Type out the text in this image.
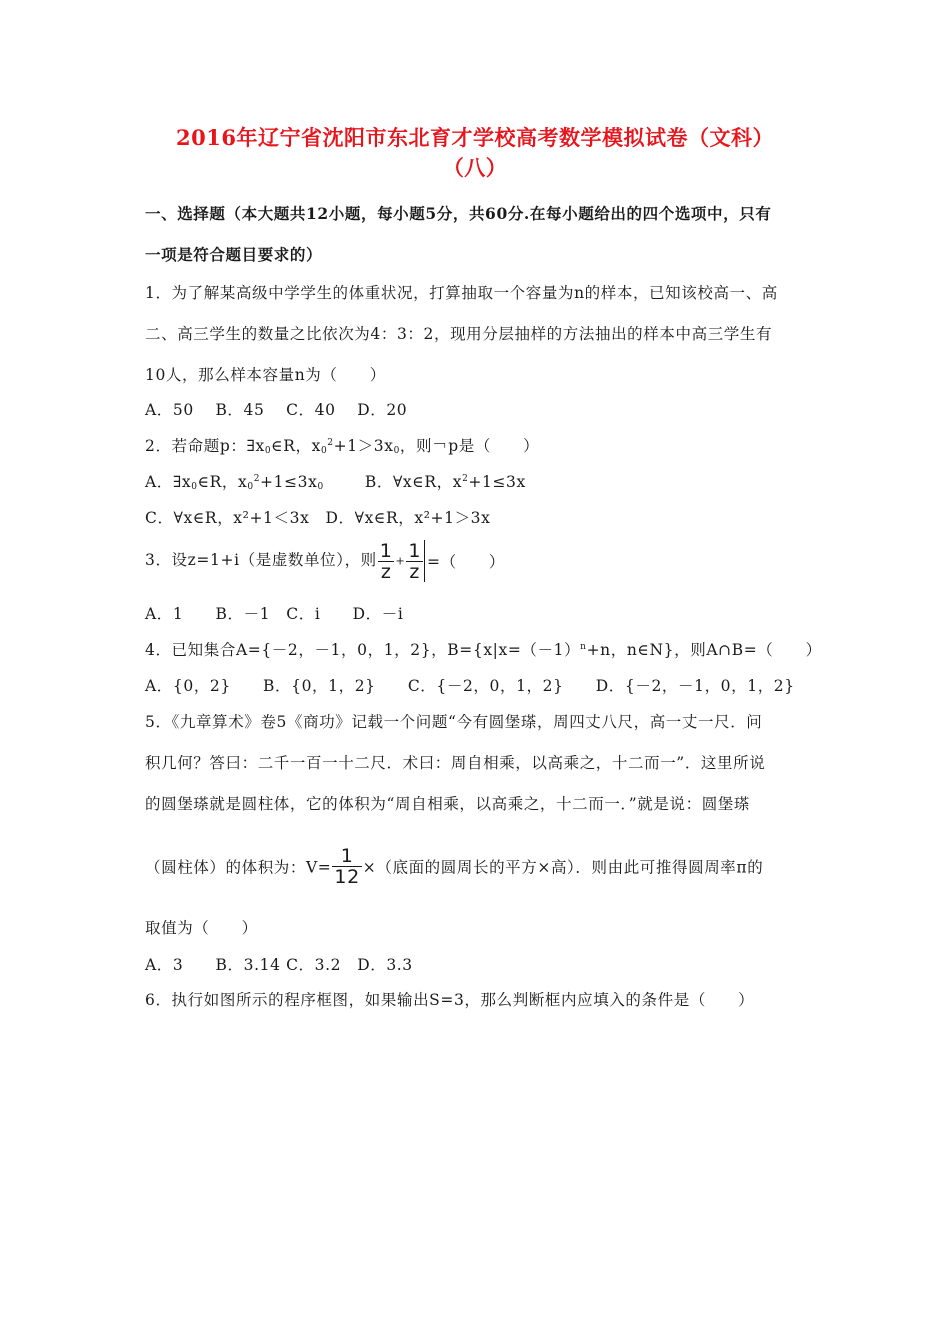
2016年辽宁省沈阳市东北育才学校高考数学模拟试卷（文科）
（八）
一、选择题（本大题共12小题，每小题5分，共60分.在每小题给出的四个选项中，只有
一项是符合题目要求的）
1．为了解某高级中学学生的体重状况，打算抽取一个容量为n的样本，已知该校高一、高
二、高三学生的数量之比依次为4：3：2，现用分层抽样的方法抽出的样本中高三学生有
10人，那么样本容量n为（　　）
A．50　 B．45　 C．40　 D．20
2．若命题p：$\exists x_0\in R$，$x_0^2+1>3x_0$，则￢p是（　　）
A．$\exists x_0\in R$，$x_0^2+1\le 3x_0$	B．∀x∈R，$x^2+1\le 3x$
C．∀x∈R，x²+1＜3x　D．∀x∈R，x²+1＞3x
3．设z=1+i（是虚数单位），则 $\frac{1}{z} + \frac{1}{z}$ =（　　）
A．1　　B．－1　C．i　　D．－i
4．已知集合A={－2，－1，0，1，2}，$B=\{x|x=(-1)^n+n$，n∈N}，则A∩B=（　　）
A．{0，2}　　B．{0，1，2}　　C．{－2，0，1，2}　　D．{－2，－1，0，1，2}
5．《九章算术》卷5《商功》记载一个问题“今有圆堡瑹，周四丈八尺，高一丈一尺．问
积几何？答曰：二千一百一十二尺．术曰：周自相乘，以高乘之，十二而一”．这里所说
的圆堡瑹就是圆柱体，它的体积为“周自相乘，以高乘之，十二而一．”就是说：圆堡瑹
（圆柱体）的体积为：$V= \frac{1}{12}$ ×（底面的圆周长的平方×高）．则由此可推得圆周率π的
取值为（　　）
A．3　　B．3.14 C．3.2　D．3.3
6．执行如图所示的程序框图，如果输出S=3，那么判断框内应填入的条件是（　　）
